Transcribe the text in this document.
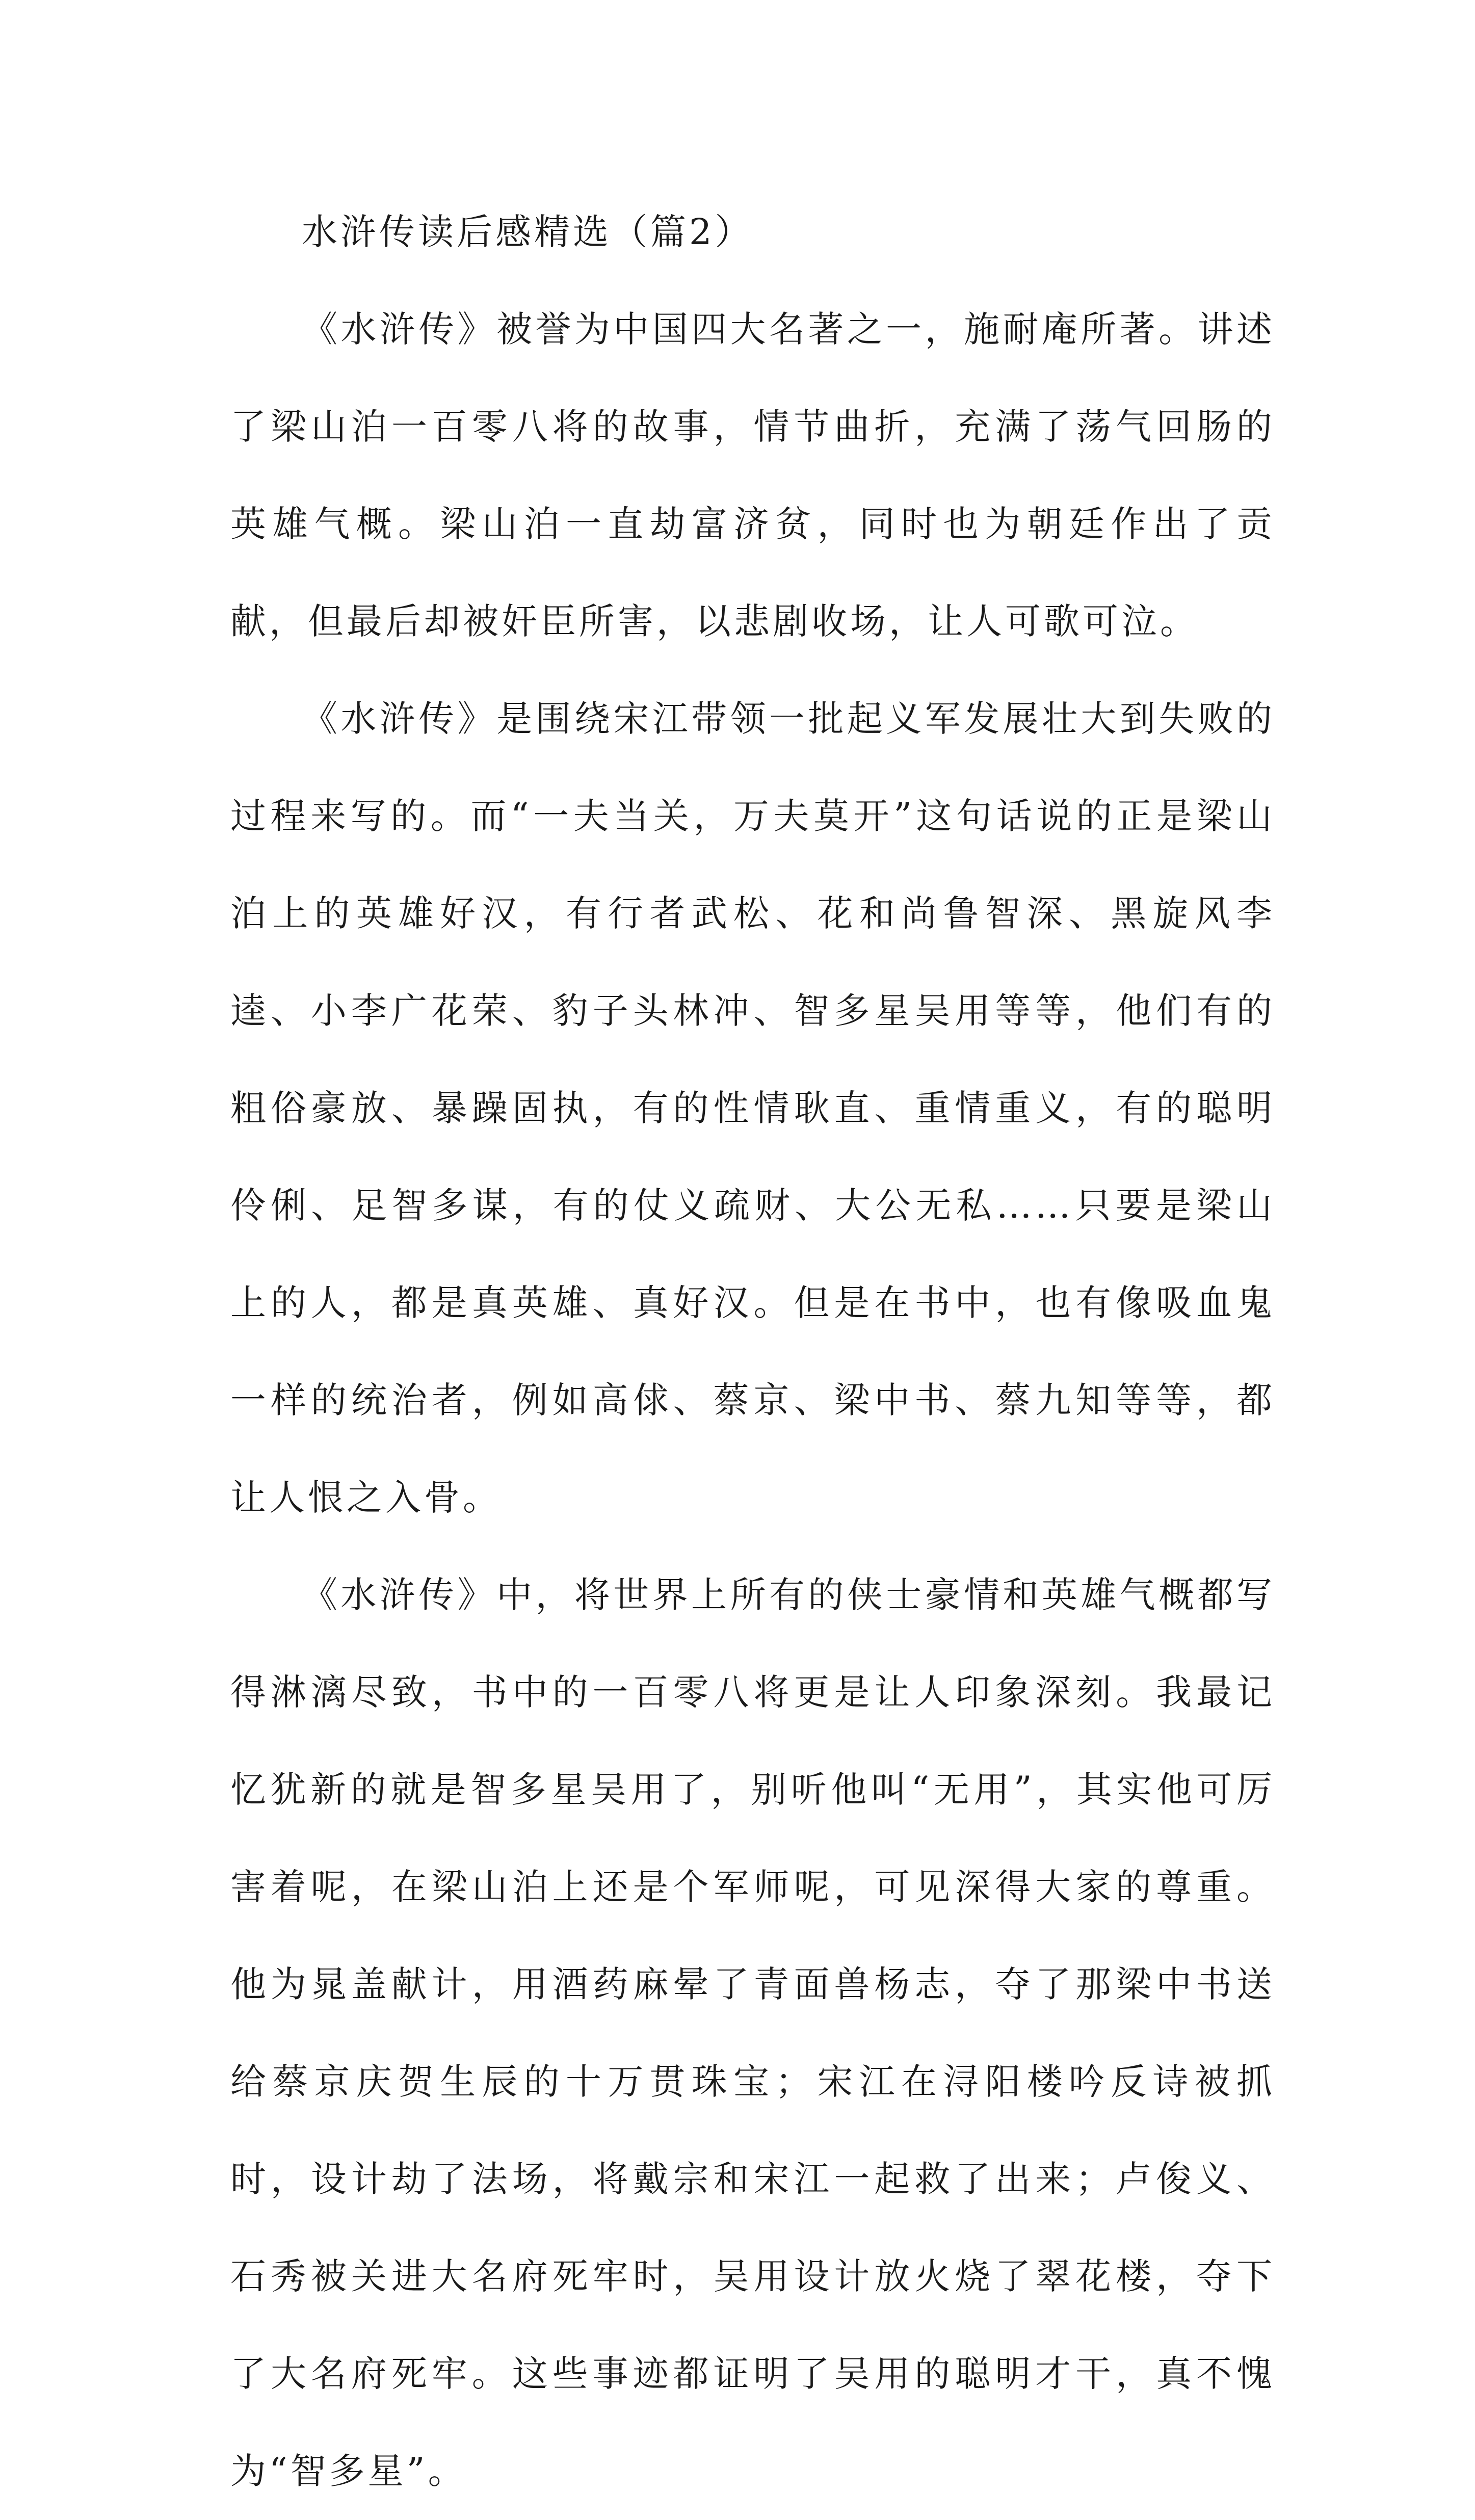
水浒传读后感精选（篇2）

《水浒传》被誉为中国四大名著之一，施耐庵所著。讲述了梁山泊一百零八将的故事，情节曲折，充满了荡气回肠的英雄气概。梁山泊一直劫富济贫，同时也为朝廷作出了贡献，但最后却被奸臣所害，以悲剧收场，让人可歌可泣。

《水浒传》是围绕宋江带领一批起义军发展壮大到失败的过程来写的。而“一夫当关，万夫莫开”这句话说的正是梁山泊上的英雄好汉，有行者武松、花和尚鲁智深、黑旋风李逵、小李广花荣、豹子头林冲、智多星吴用等等，他们有的粗俗豪放、暴躁固执，有的性情耿直、重情重义，有的聪明伶俐、足智多谋，有的仗义疏财、大公无私……只要是梁山上的人，都是真英雄、真好汉。但是在书中，也有像吸血鬼一样的统治者，例如高俅、蔡京、梁中书、蔡九知等等，都让人恨之入骨。

《水浒传》中，将世界上所有的侠士豪情和英雄气概都写得淋漓尽致，书中的一百零八将更是让人印象深刻。我最记忆犹新的就是智多星吴用了，别听他叫“无用”，其实他可厉害着呢，在梁山泊上还是个军师呢，可见深得大家的尊重。他为晁盖献计，用酒药麻晕了青面兽杨志，夺了那梁中书送给蔡京庆贺生辰的十万贯珠宝；宋江在浔阳楼吟反诗被抓时，设计劫了法场，将戴宗和宋江一起救了出来；卢俊义、石秀被关进大名府死牢时，吴用设计放火烧了翠花楼，夺下了大名府死牢。这些事迹都证明了吴用的聪明才干，真不愧为“智多星”。
